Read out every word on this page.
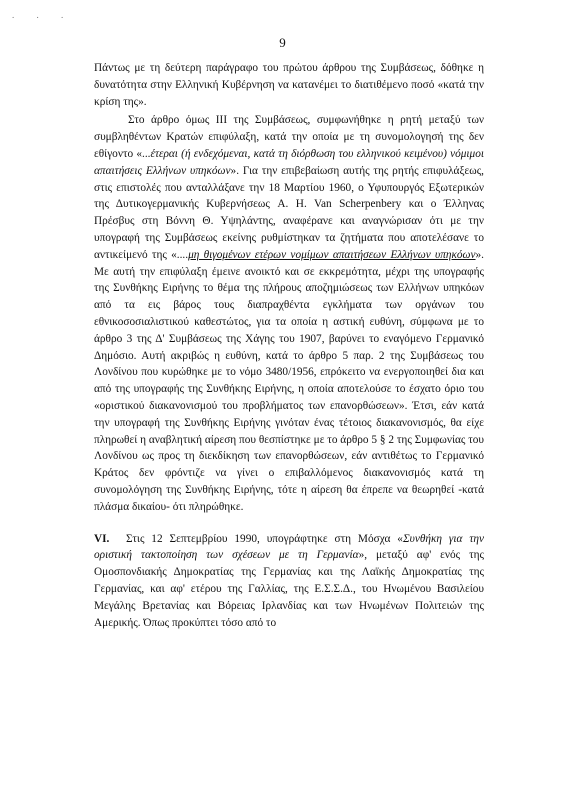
. . .
9

Πάντως με τη δεύτερη παράγραφο του πρώτου άρθρου της Συμβάσεως, δόθηκε η δυνατότητα στην Ελληνική Κυβέρνηση να κατανέμει το διατιθέμενο ποσό «κατά την κρίση της».

Στο άρθρο όμως ΙΙΙ της Συμβάσεως, συμφωνήθηκε η ρητή μεταξύ των συμβληθέντων Κρατών επιφύλαξη, κατά την οποία με τη συνομολογησή της δεν εθίγοντο «...έτεραι (ή ενδεχόμεναι, κατά τη διόρθωση του ελληνικού κειμένου) νόμιμοι απαιτήσεις Ελλήνων υπηκόων». Για την επιβεβαίωση αυτής της ρητής επιφυλάξεως, στις επιστολές που ανταλλάξανε την 18 Μαρτίου 1960, ο Υφυπουργός Εξωτερικών της Δυτικογερμανικής Κυβερνήσεως A. H. Van Scherpenbery και ο Έλληνας Πρέσβυς στη Βόννη Θ. Υψηλάντης, αναφέρανε και αναγνώρισαν ότι με την υπογραφή της Συμβάσεως εκείνης ρυθμίστηκαν τα ζητήματα που αποτελέσανε το αντικείμενό της «....μη θιγομένων ετέρων νομίμων απαιτήσεων Ελλήνων υπηκόων». Με αυτή την επιφύλαξη έμεινε ανοικτό και σε εκκρεμότητα, μέχρι της υπογραφής της Συνθήκης Ειρήνης το θέμα της πλήρους αποζημιώσεως των Ελλήνων υπηκόων από τα εις βάρος τους διαπραχθέντα εγκλήματα των οργάνων του εθνικοσοσιαλιστικού καθεστώτος, για τα οποία η αστική ευθύνη, σύμφωνα με το άρθρο 3 της Δ' Συμβάσεως της Χάγης του 1907, βαρύνει το εναγόμενο Γερμανικό Δημόσιο. Αυτή ακριβώς η ευθύνη, κατά το άρθρο 5 παρ. 2 της Συμβάσεως του Λονδίνου που κυρώθηκε με το νόμο 3480/1956, επρόκειτο να ενεργοποιηθεί δια και από της υπογραφής της Συνθήκης Ειρήνης, η οποία αποτελούσε το έσχατο όριο του «οριστικού διακανονισμού του προβλήματος των επανορθώσεων». Έτσι, εάν κατά την υπογραφή της Συνθήκης Ειρήνης γινόταν ένας τέτοιος διακανονισμός, θα είχε πληρωθεί η αναβλητική αίρεση που θεσπίστηκε με το άρθρο 5 § 2 της Συμφωνίας του Λονδίνου ως προς τη διεκδίκηση των επανορθώσεων, εάν αντιθέτως το Γερμανικό Κράτος δεν φρόντιζε να γίνει ο επιβαλλόμενος διακανονισμός κατά τη συνομολόγηση της Συνθήκης Ειρήνης, τότε η αίρεση θα έπρεπε να θεωρηθεί -κατά πλάσμα δικαίου- ότι πληρώθηκε.

VI. Στις 12 Σεπτεμβρίου 1990, υπογράφτηκε στη Μόσχα «Συνθήκη για την οριστική τακτοποίηση των σχέσεων με τη Γερμανία», μεταξύ αφ' ενός της Ομοσπονδιακής Δημοκρατίας της Γερμανίας και της Λαϊκής Δημοκρατίας της Γερμανίας, και αφ' ετέρου της Γαλλίας, της Ε.Σ.Σ.Δ., του Ηνωμένου Βασιλείου Μεγάλης Βρετανίας και Βόρειας Ιρλανδίας και των Ηνωμένων Πολιτειών της Αμερικής. Όπως προκύπτει τόσο από το
